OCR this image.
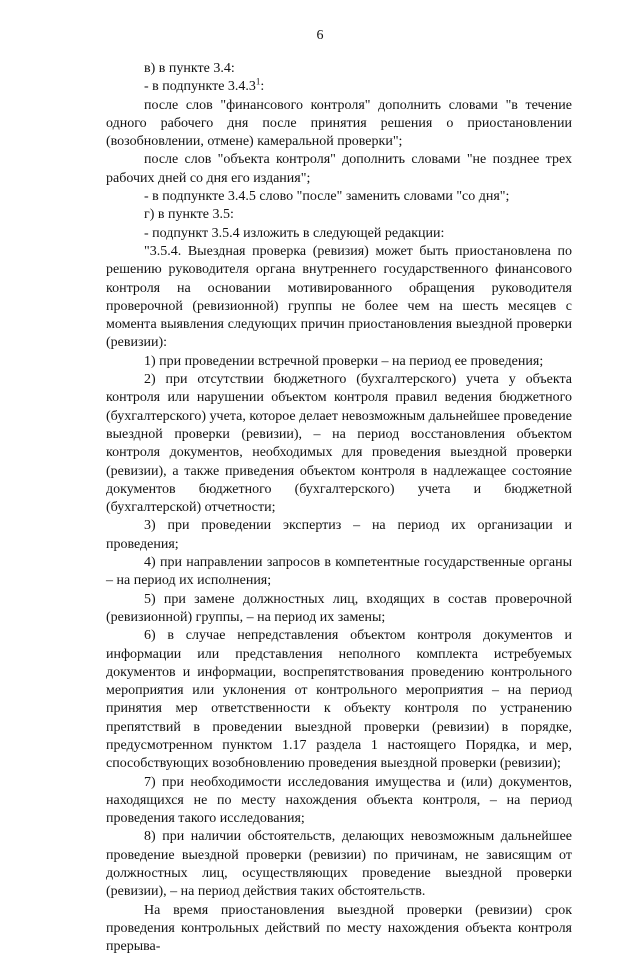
6

в) в пункте 3.4:

- в подпункте 3.4.3$^1$:

после слов "финансового контроля" дополнить словами "в течение одного рабочего дня после принятия решения о приостановлении (возобновлении, отмене) камеральной проверки";

после слов "объекта контроля" дополнить словами "не позднее трех рабочих дней со дня его издания";

- в подпункте 3.4.5 слово "после" заменить словами "со дня";

г) в пункте 3.5:

- подпункт 3.5.4 изложить в следующей редакции:

"3.5.4. Выездная проверка (ревизия) может быть приостановлена по решению руководителя органа внутреннего государственного финансового контроля на основании мотивированного обращения руководителя проверочной (ревизионной) группы не более чем на шесть месяцев с момента выявления следующих причин приостановления выездной проверки (ревизии):

1) при проведении встречной проверки – на период ее проведения;

2) при отсутствии бюджетного (бухгалтерского) учета у объекта контроля или нарушении объектом контроля правил ведения бюджетного (бухгалтерского) учета, которое делает невозможным дальнейшее проведение выездной проверки (ревизии), – на период восстановления объектом контроля документов, необходимых для проведения выездной проверки (ревизии), а также приведения объектом контроля в надлежащее состояние документов бюджетного (бухгалтерского) учета и бюджетной (бухгалтерской) отчетности;

3) при проведении экспертиз – на период их организации и проведения;

4) при направлении запросов в компетентные государственные органы – на период их исполнения;

5) при замене должностных лиц, входящих в состав проверочной (ревизионной) группы, – на период их замены;

6) в случае непредставления объектом контроля документов и информации или представления неполного комплекта истребуемых документов и информации, воспрепятствования проведению контрольного мероприятия или уклонения от контрольного мероприятия – на период принятия мер ответственности к объекту контроля по устранению препятствий в проведении выездной проверки (ревизии) в порядке, предусмотренном пунктом 1.17 раздела 1 настоящего Порядка, и мер, способствующих возобновлению проведения выездной проверки (ревизии);

7) при необходимости исследования имущества и (или) документов, находящихся не по месту нахождения объекта контроля, – на период проведения такого исследования;

8) при наличии обстоятельств, делающих невозможным дальнейшее проведение выездной проверки (ревизии) по причинам, не зависящим от должностных лиц, осуществляющих проведение выездной проверки (ревизии), – на период действия таких обстоятельств.

На время приостановления выездной проверки (ревизии) срок проведения контрольных действий по месту нахождения объекта контроля прерыва-
